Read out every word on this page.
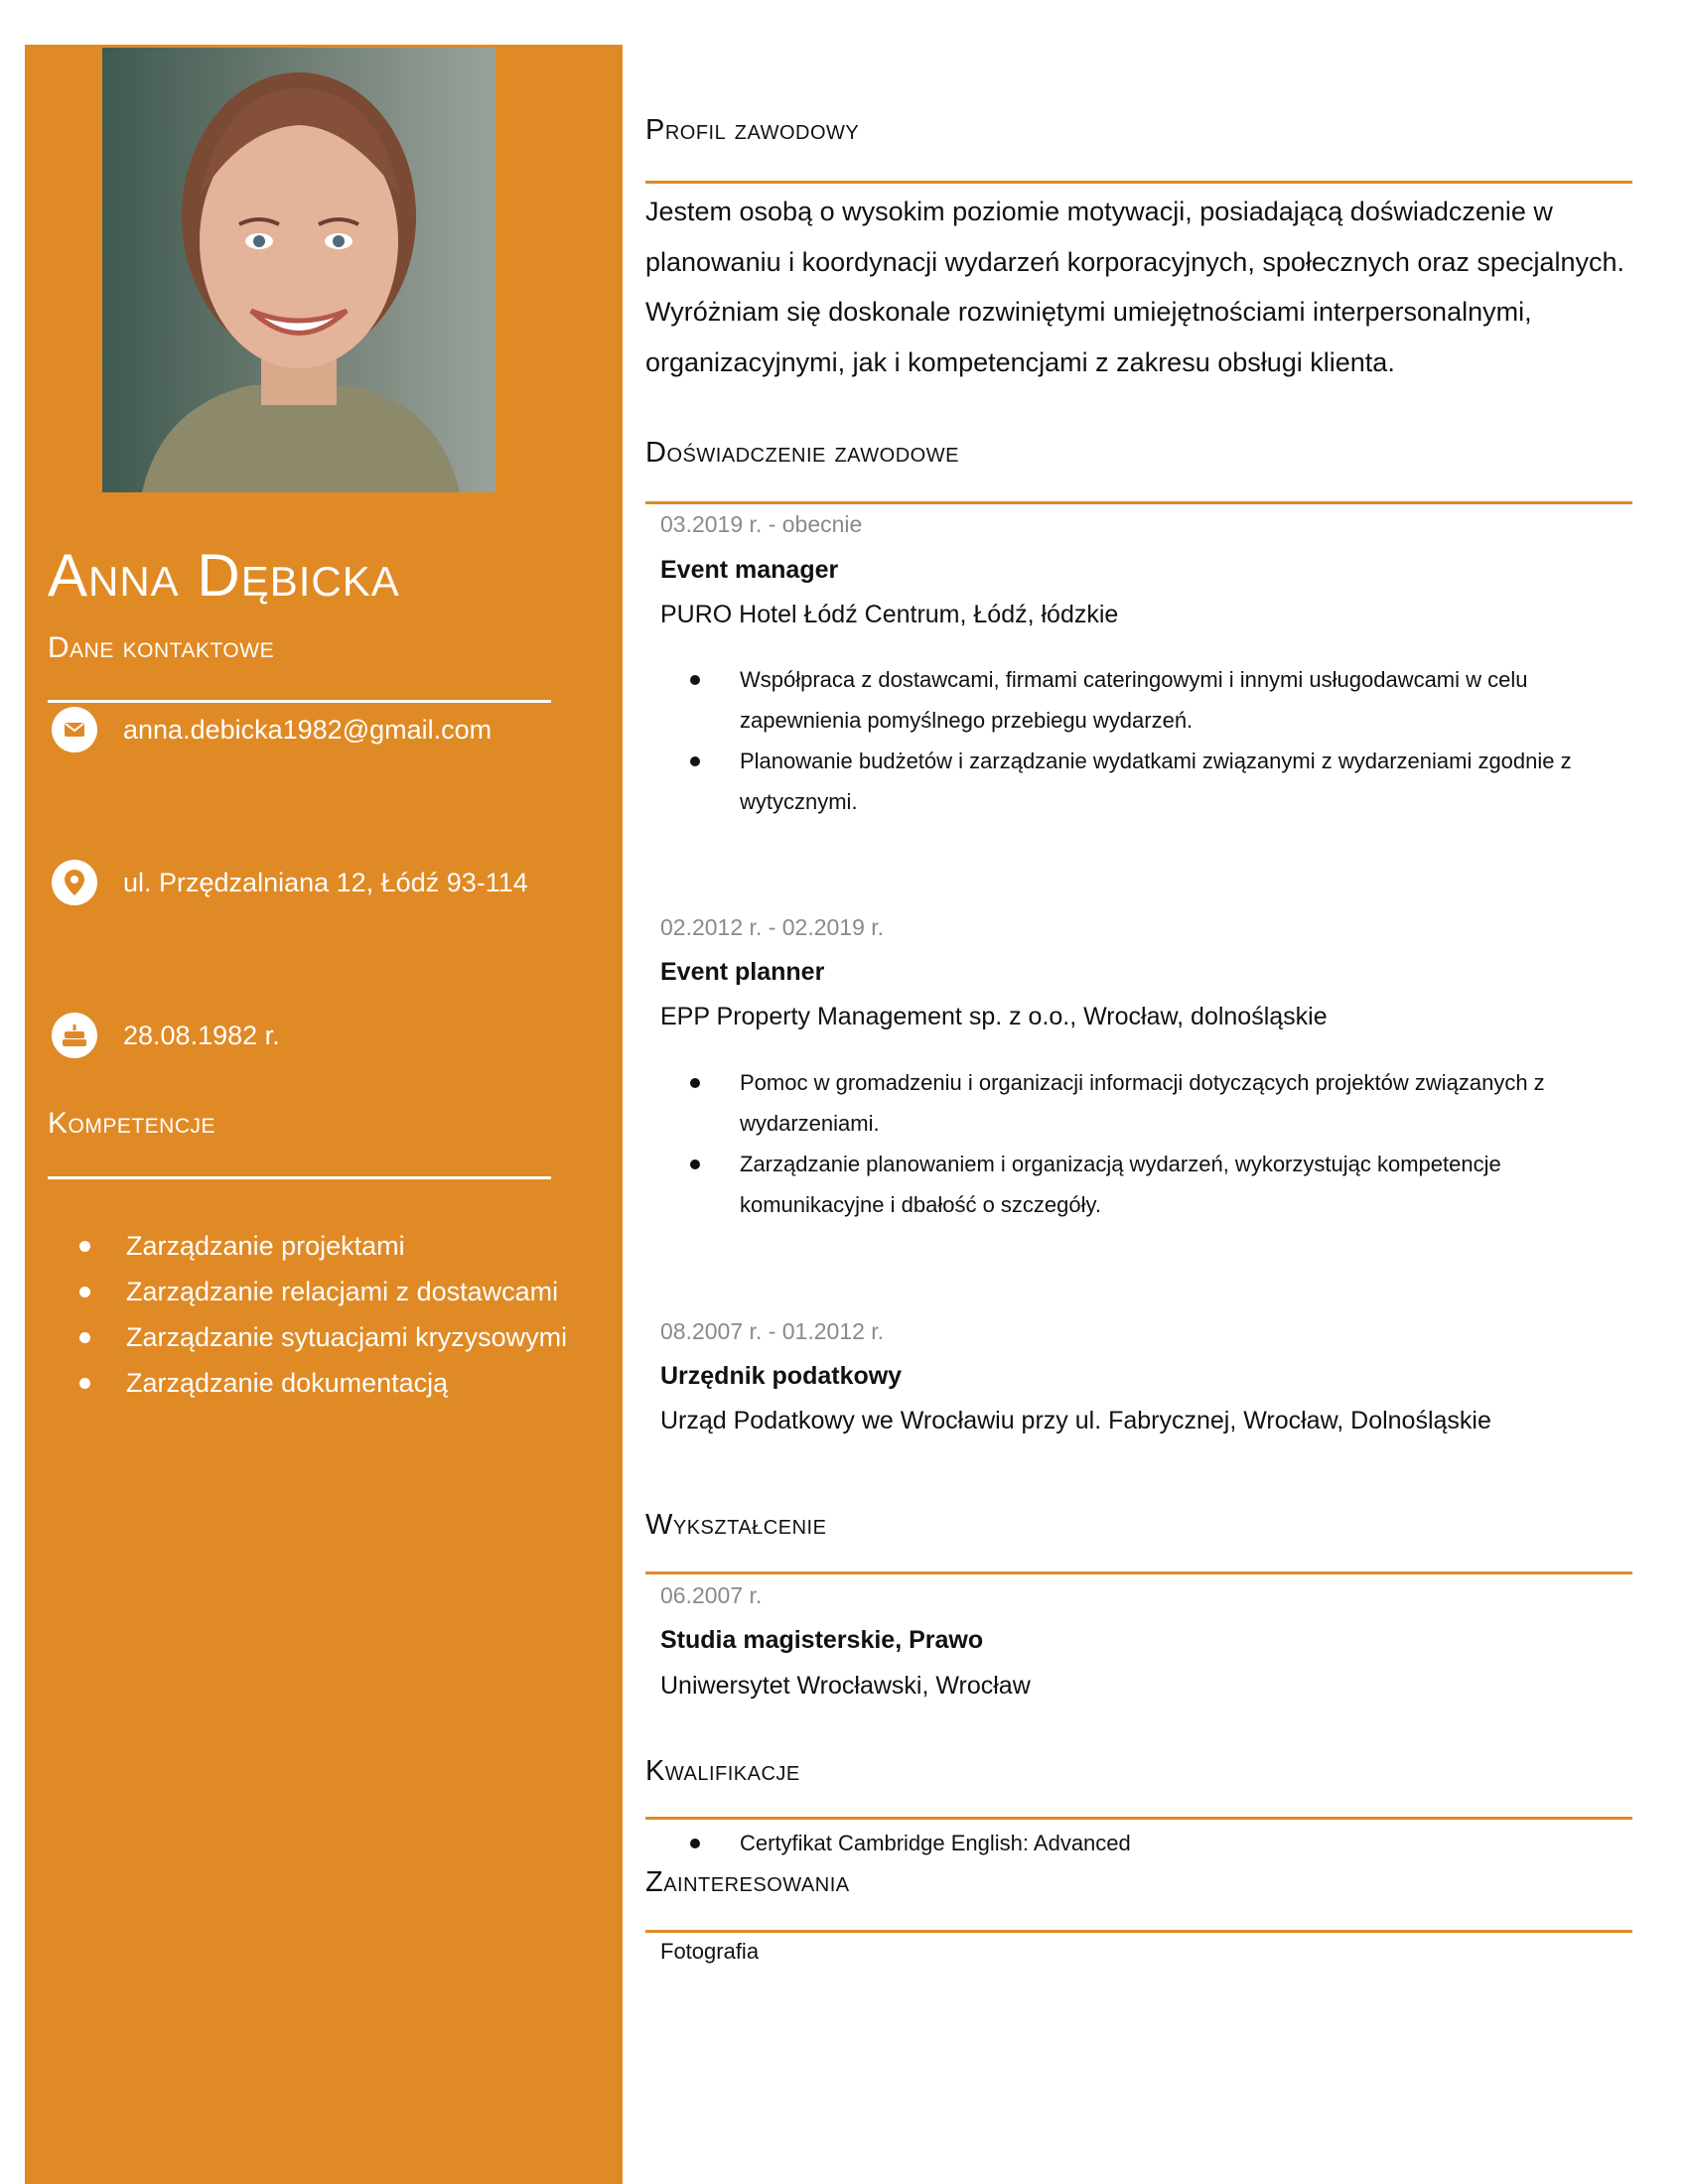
Anna Dębicka
Dane kontaktowe
anna.debicka1982@gmail.com
ul. Przędzalniana 12, Łódź 93-114
28.08.1982 r.
Kompetencje
Zarządzanie projektami
Zarządzanie relacjami z dostawcami
Zarządzanie sytuacjami kryzysowymi
Zarządzanie dokumentacją
Profil zawodowy
Jestem osobą o wysokim poziomie motywacji, posiadającą doświadczenie w planowaniu i koordynacji wydarzeń korporacyjnych, społecznych oraz specjalnych. Wyróżniam się doskonale rozwiniętymi umiejętnościami interpersonalnymi, organizacyjnymi, jak i kompetencjami z zakresu obsługi klienta.
Doświadczenie zawodowe
03.2019 r. - obecnie
Event manager
PURO Hotel Łódź Centrum, Łódź, łódzkie
Współpraca z dostawcami, firmami cateringowymi i innymi usługodawcami w celu zapewnienia pomyślnego przebiegu wydarzeń.
Planowanie budżetów i zarządzanie wydatkami związanymi z wydarzeniami zgodnie z wytycznymi.
02.2012 r. - 02.2019 r.
Event planner
EPP Property Management sp. z o.o., Wrocław, dolnośląskie
Pomoc w gromadzeniu i organizacji informacji dotyczących projektów związanych z wydarzeniami.
Zarządzanie planowaniem i organizacją wydarzeń, wykorzystując kompetencje komunikacyjne i dbałość o szczegóły.
08.2007 r. - 01.2012 r.
Urzędnik podatkowy
Urząd Podatkowy we Wrocławiu przy ul. Fabrycznej, Wrocław, Dolnośląskie
Wykształcenie
06.2007 r.
Studia magisterskie, Prawo
Uniwersytet Wrocławski, Wrocław
Kwalifikacje
Certyfikat Cambridge English: Advanced
Zainteresowania
Fotografia
